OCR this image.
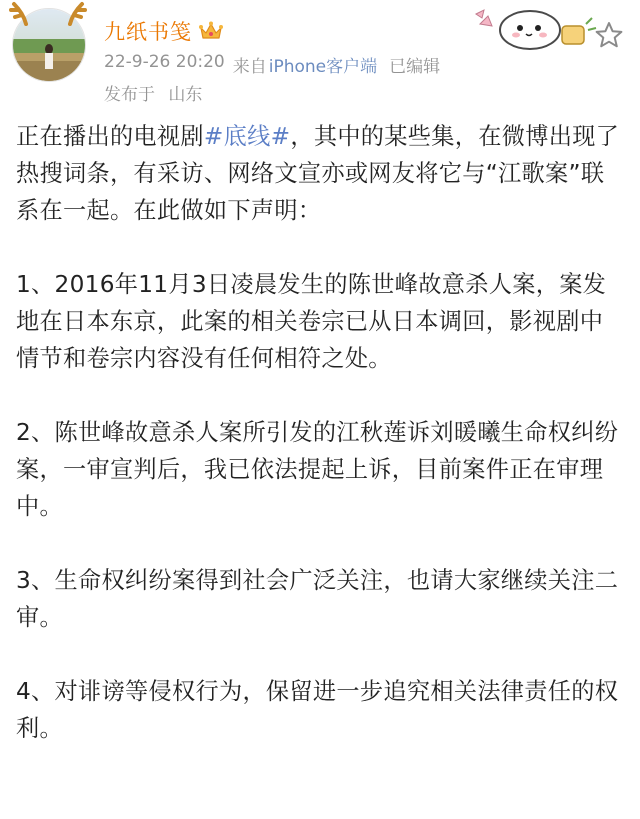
九纸书笺
22-9-26 20:20 来自 iPhone客户端 已编辑
发布于 山东

正在播出的电视剧#底线#，其中的某些集，在微博出现了热搜词条，有采访、网络文宣亦或网友将它与“江歌案”联系在一起。在此做如下声明：

1、2016年11月3日凌晨发生的陈世峰故意杀人案，案发地在日本东京，此案的相关卷宗已从日本调回，影视剧中情节和卷宗内容没有任何相符之处。

2、陈世峰故意杀人案所引发的江秋莲诉刘暖曦生命权纠纷案，一审宣判后，我已依法提起上诉，目前案件正在审理中。

3、生命权纠纷案得到社会广泛关注，也请大家继续关注二审。

4、对诽谤等侵权行为，保留进一步追究相关法律责任的权利。
